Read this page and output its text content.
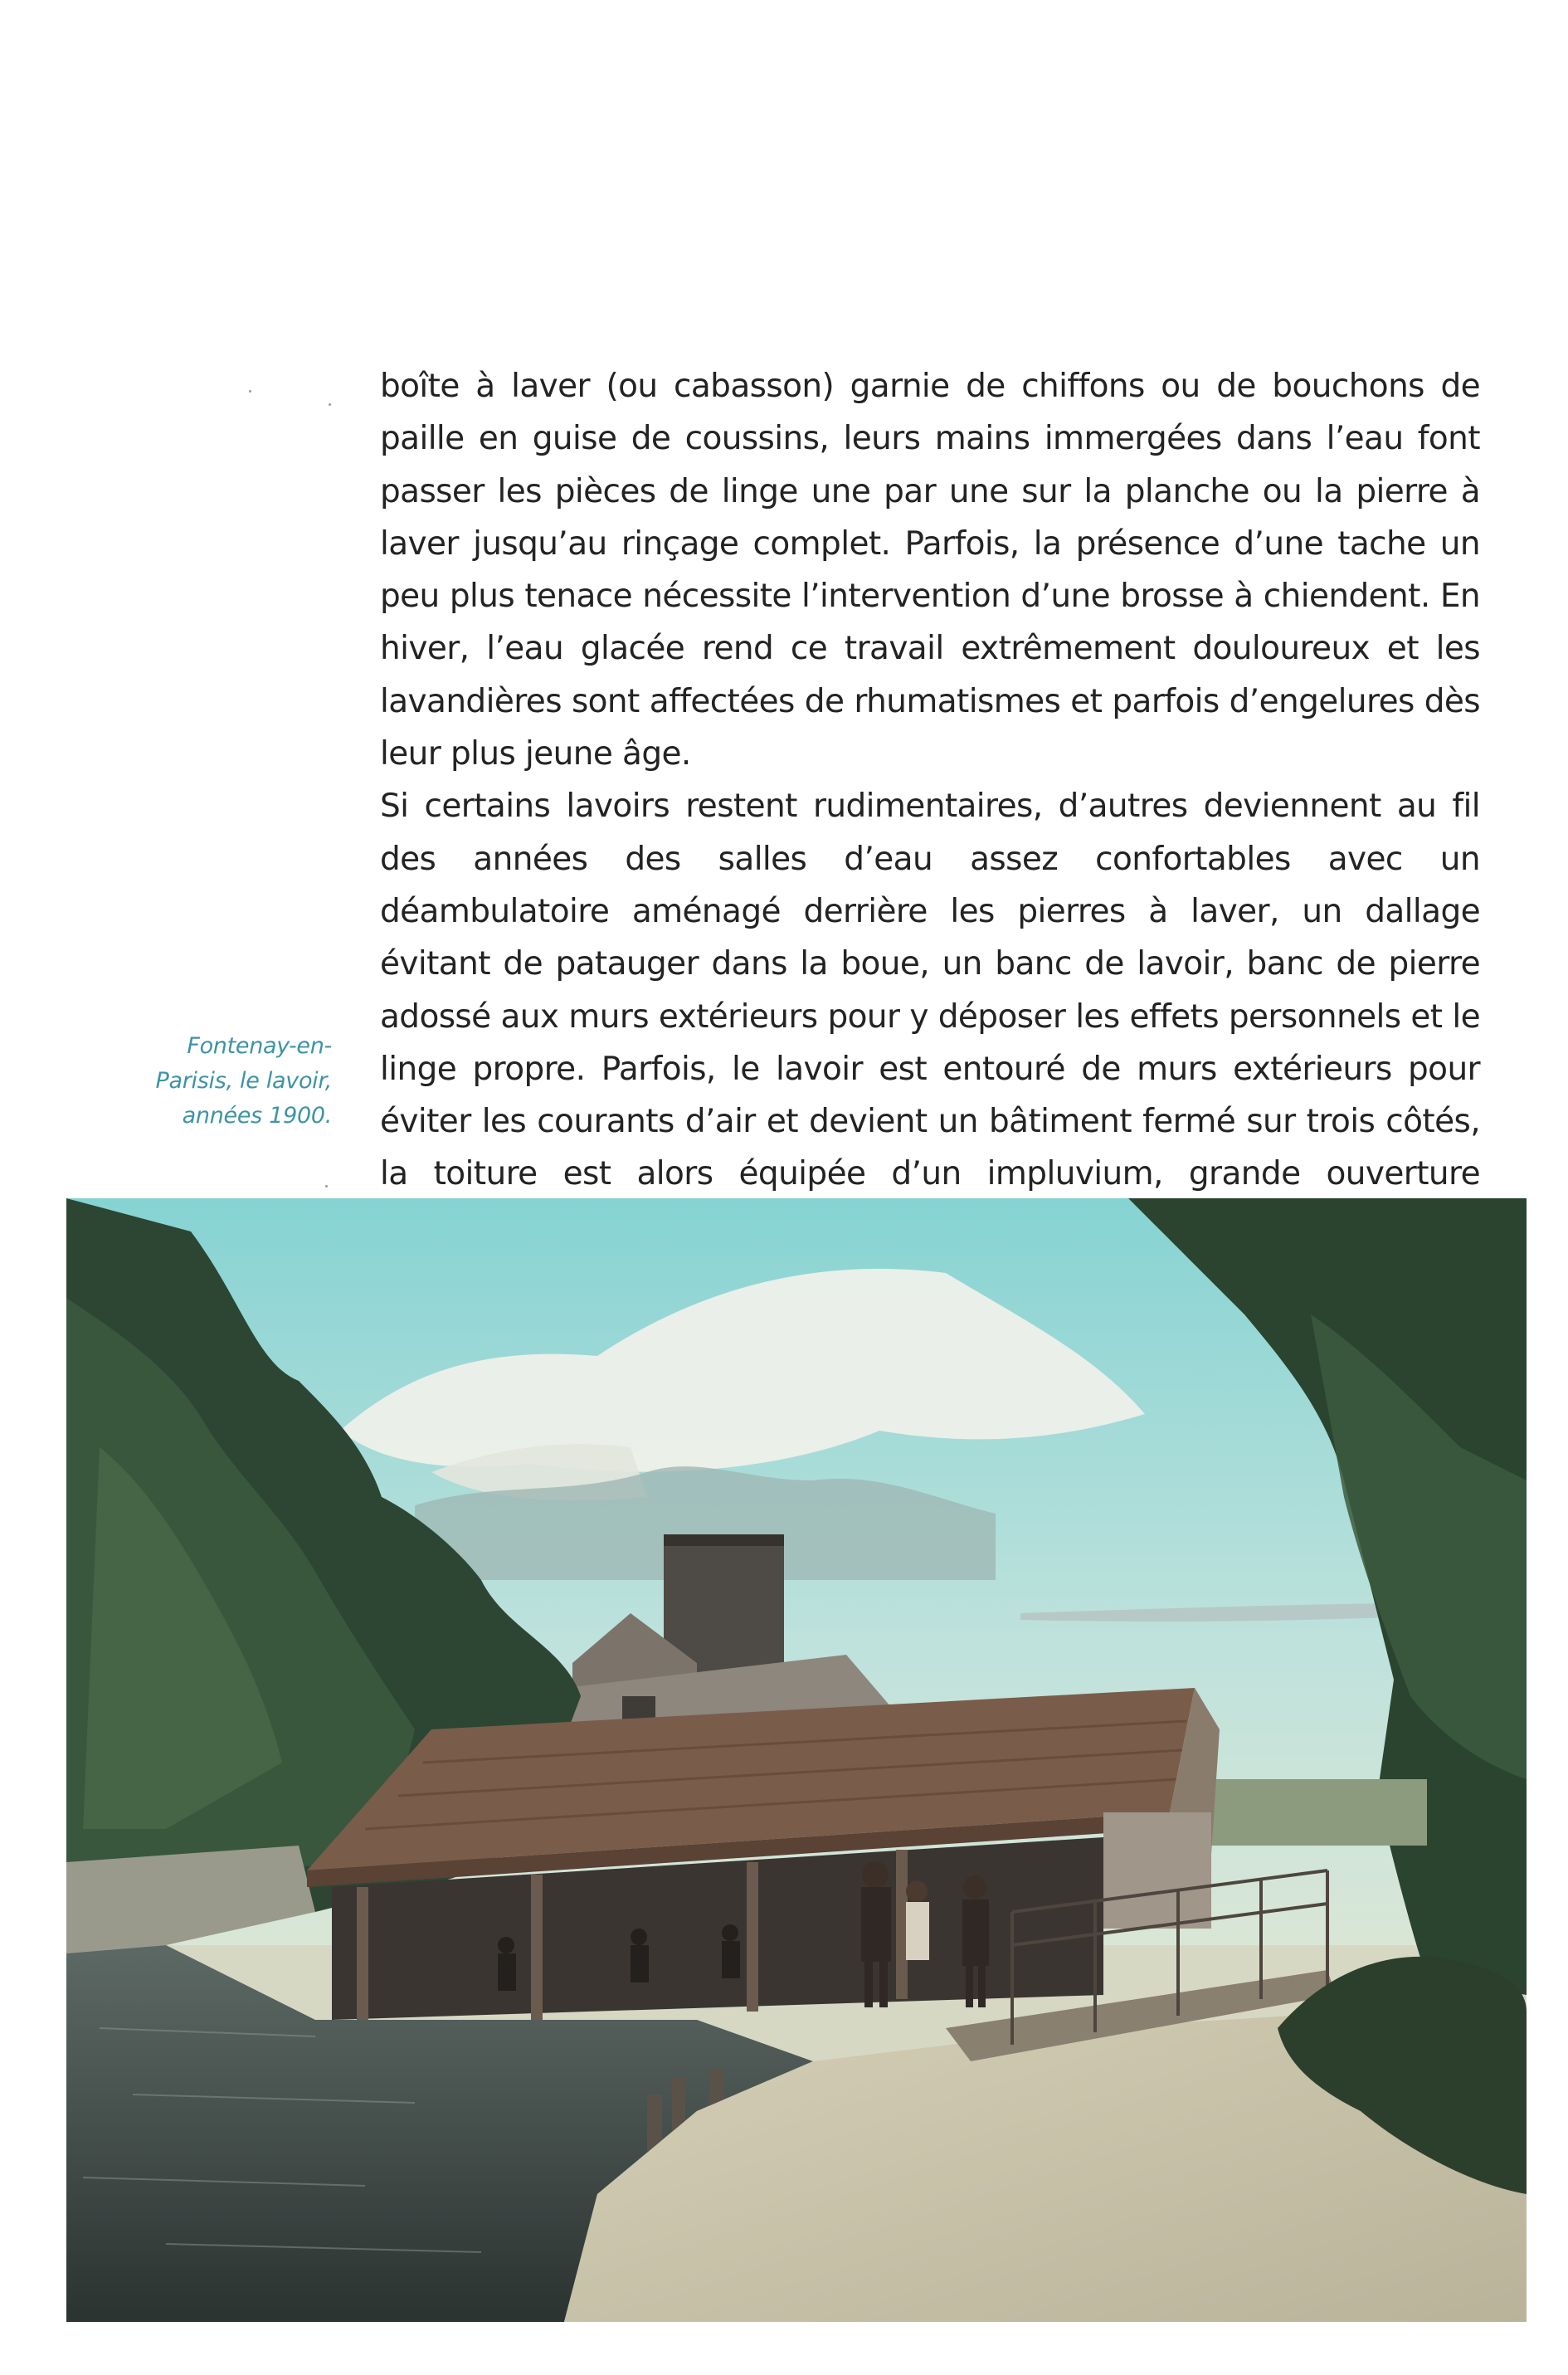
boîte à laver (ou cabasson) garnie de chiffons ou de bouchons de paille en guise de coussins, leurs mains immergées dans l’eau font passer les pièces de linge une par une sur la planche ou la pierre à laver jusqu’au rinçage complet. Parfois, la présence d’une tache un peu plus tenace nécessite l’intervention d’une brosse à chiendent. En hiver, l’eau glacée rend ce travail extrêmement douloureux et les lavandières sont affectées de rhumatismes et parfois d’engelures dès leur plus jeune âge.

Si certains lavoirs restent rudimentaires, d’autres deviennent au fil des années des salles d’eau assez confortables avec un déambulatoire aménagé derrière les pierres à laver, un dallage évitant de patauger dans la boue, un banc de lavoir, banc de pierre adossé aux murs extérieurs pour y déposer les effets personnels et le linge propre. Parfois, le lavoir est entouré de murs extérieurs pour éviter les courants d’air et devient un bâtiment fermé sur trois côtés, la toiture est alors équipée d’un impluvium, grande ouverture

Fontenay-en-
Parisis, le lavoir,
années 1900.
